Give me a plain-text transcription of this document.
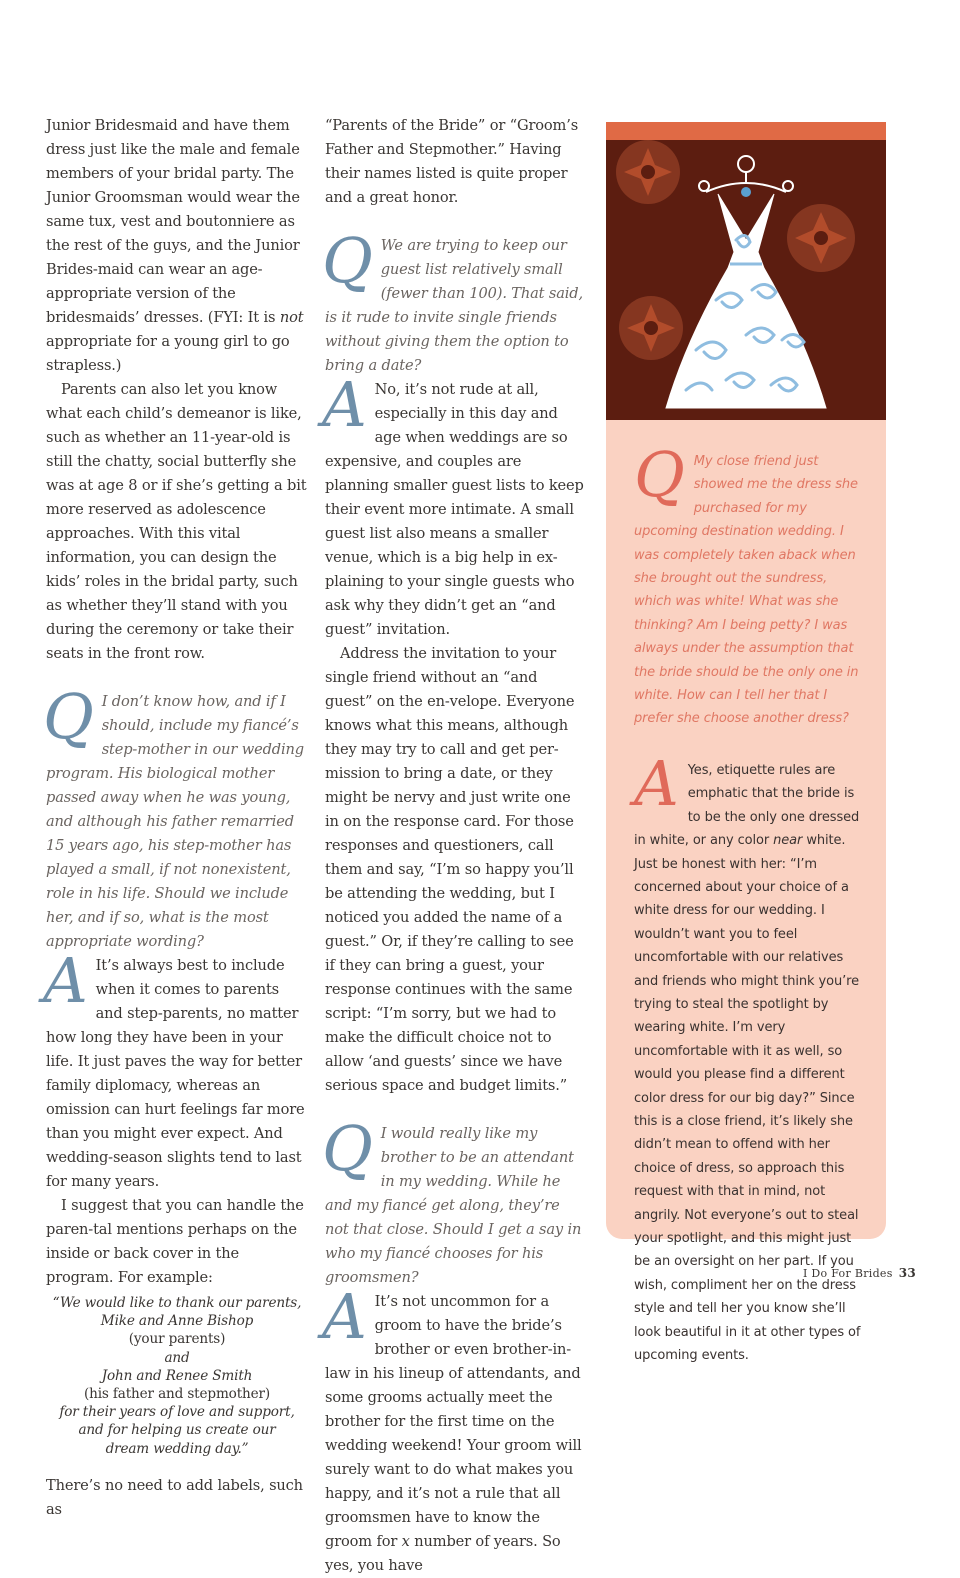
Junior Bridesmaid and have them dress just like the male and female members of your bridal party. The Junior Groomsman would wear the same tux, vest and boutonniere as the rest of the guys, and the Junior Brides-maid can wear an age-appropriate version of the bridesmaids’ dresses. (FYI: It is not appropriate for a young girl to go strapless.)

Parents can also let you know what each child’s demeanor is like, such as whether an 11-year-old is still the chatty, social butterfly she was at age 8 or if she’s getting a bit more reserved as adolescence approaches. With this vital information, you can design the kids’ roles in the bridal party, such as whether they’ll stand with you during the ceremony or take their seats in the front row.

Q I don’t know how, and if I should, include my fiancé’s step-mother in our wedding program. His biological mother passed away when he was young, and although his father remarried 15 years ago, his step-mother has played a small, if not nonexistent, role in his life. Should we include her, and if so, what is the most appropriate wording?

A It’s always best to include when it comes to parents and step-parents, no matter how long they have been in your life. It just paves the way for better family diplomacy, whereas an omission can hurt feelings far more than you might ever expect. And wedding-season slights tend to last for many years.

I suggest that you can handle the paren-tal mentions perhaps on the inside or back cover in the program. For example:

“We would like to thank our parents,
Mike and Anne Bishop
(your parents)
and
John and Renee Smith
(his father and stepmother)
for their years of love and support,
and for helping us create our
dream wedding day.”

There’s no need to add labels, such as

“Parents of the Bride” or “Groom’s Father and Stepmother.” Having their names listed is quite proper and a great honor.

Q We are trying to keep our guest list relatively small (fewer than 100). That said, is it rude to invite single friends without giving them the option to bring a date?

A No, it’s not rude at all, especially in this day and age when weddings are so expensive, and couples are planning smaller guest lists to keep their event more intimate. A small guest list also means a smaller venue, which is a big help in ex-plaining to your single guests who ask why they didn’t get an “and guest” invitation.

Address the invitation to your single friend without an “and guest” on the en-velope. Everyone knows what this means, although they may try to call and get per-mission to bring a date, or they might be nervy and just write one in on the response card. For those responses and questioners, call them and say, “I’m so happy you’ll be attending the wedding, but I noticed you added the name of a guest.” Or, if they’re calling to see if they can bring a guest, your response continues with the same script: “I’m sorry, but we had to make the difficult choice not to allow ‘and guests’ since we have serious space and budget limits.”

Q I would really like my brother to be an attendant in my wedding. While he and my fiancé get along, they’re not that close. Should I get a say in who my fiancé chooses for his groomsmen?

A It’s not uncommon for a groom to have the bride’s brother or even brother-in-law in his lineup of attendants, and some grooms actually meet the brother for the first time on the wedding weekend! Your groom will surely want to do what makes you happy, and it’s not a rule that all groomsmen have to know the groom for x number of years. So yes, you have

Q My close friend just showed me the dress she purchased for my upcoming destination wedding. I was completely taken aback when she brought out the sundress, which was white! What was she thinking? Am I being petty? I was always under the assumption that the bride should be the only one in white. How can I tell her that I prefer she choose another dress?

A Yes, etiquette rules are emphatic that the bride is to be the only one dressed in white, or any color near white. Just be honest with her: “I’m concerned about your choice of a white dress for our wedding. I wouldn’t want you to feel uncomfortable with our relatives and friends who might think you’re trying to steal the spotlight by wearing white. I’m very uncomfortable with it as well, so would you please find a different color dress for our big day?” Since this is a close friend, it’s likely she didn’t mean to offend with her choice of dress, so approach this request with that in mind, not angrily. Not everyone’s out to steal your spotlight, and this might just be an oversight on her part. If you wish, compliment her on the dress style and tell her you know she’ll look beautiful in it at other types of upcoming events.

I Do For Brides 33
